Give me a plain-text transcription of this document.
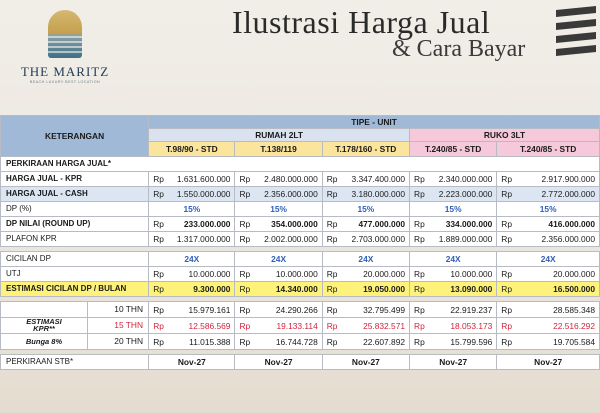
THE MARITZ
BEACH LUXURY BEST LOCATION
Ilustrasi Harga Jual
& Cara Bayar
KETERANGAN	TIPE - UNIT									
	RUMAH 2LT						RUKO 3LT			
	T.98/90 - STD		T.138/119		T.178/160 - STD		T.240/85 - STD		T.240/85 - STD	
PERKIRAAN HARGA JUAL*										
HARGA JUAL - KPR	Rp	1.631.600.000	Rp	2.480.000.000	Rp	3.347.400.000	Rp	2.340.000.000	Rp	2.917.900.000
HARGA JUAL - CASH	Rp	1.550.000.000	Rp	2.356.000.000	Rp	3.180.000.000	Rp	2.223.000.000	Rp	2.772.000.000
DP (%)	15%		15%		15%		15%		15%	
DP NILAI (ROUND UP)	Rp	233.000.000	Rp	354.000.000	Rp	477.000.000	Rp	334.000.000	Rp	416.000.000
PLAFON KPR	Rp	1.317.000.000	Rp	2.002.000.000	Rp	2.703.000.000	Rp	1.889.000.000	Rp	2.356.000.000

CICILAN DP	24X		24X		24X		24X		24X	
UTJ	Rp	10.000.000	Rp	10.000.000	Rp	20.000.000	Rp	10.000.000	Rp	20.000.000
ESTIMASI CICILAN DP / BULAN	Rp	9.300.000	Rp	14.340.000	Rp	19.050.000	Rp	13.090.000	Rp	16.500.000

10 THN	Rp	15.979.161	Rp	24.290.266	Rp	32.795.499	Rp	22.919.237	Rp	28.585.348

ESTIMASI
KPR** 15 THN	Rp	12.586.569	Rp	19.133.114	Rp	25.832.571	Rp	18.053.173	Rp	22.516.292

Bunga 8% 20 THN	Rp	11.015.388	Rp	16.744.728	Rp	22.607.892	Rp	15.799.596	Rp	19.705.584

PERKIRAAN STB*	Nov-27		Nov-27		Nov-27		Nov-27		Nov-27	
